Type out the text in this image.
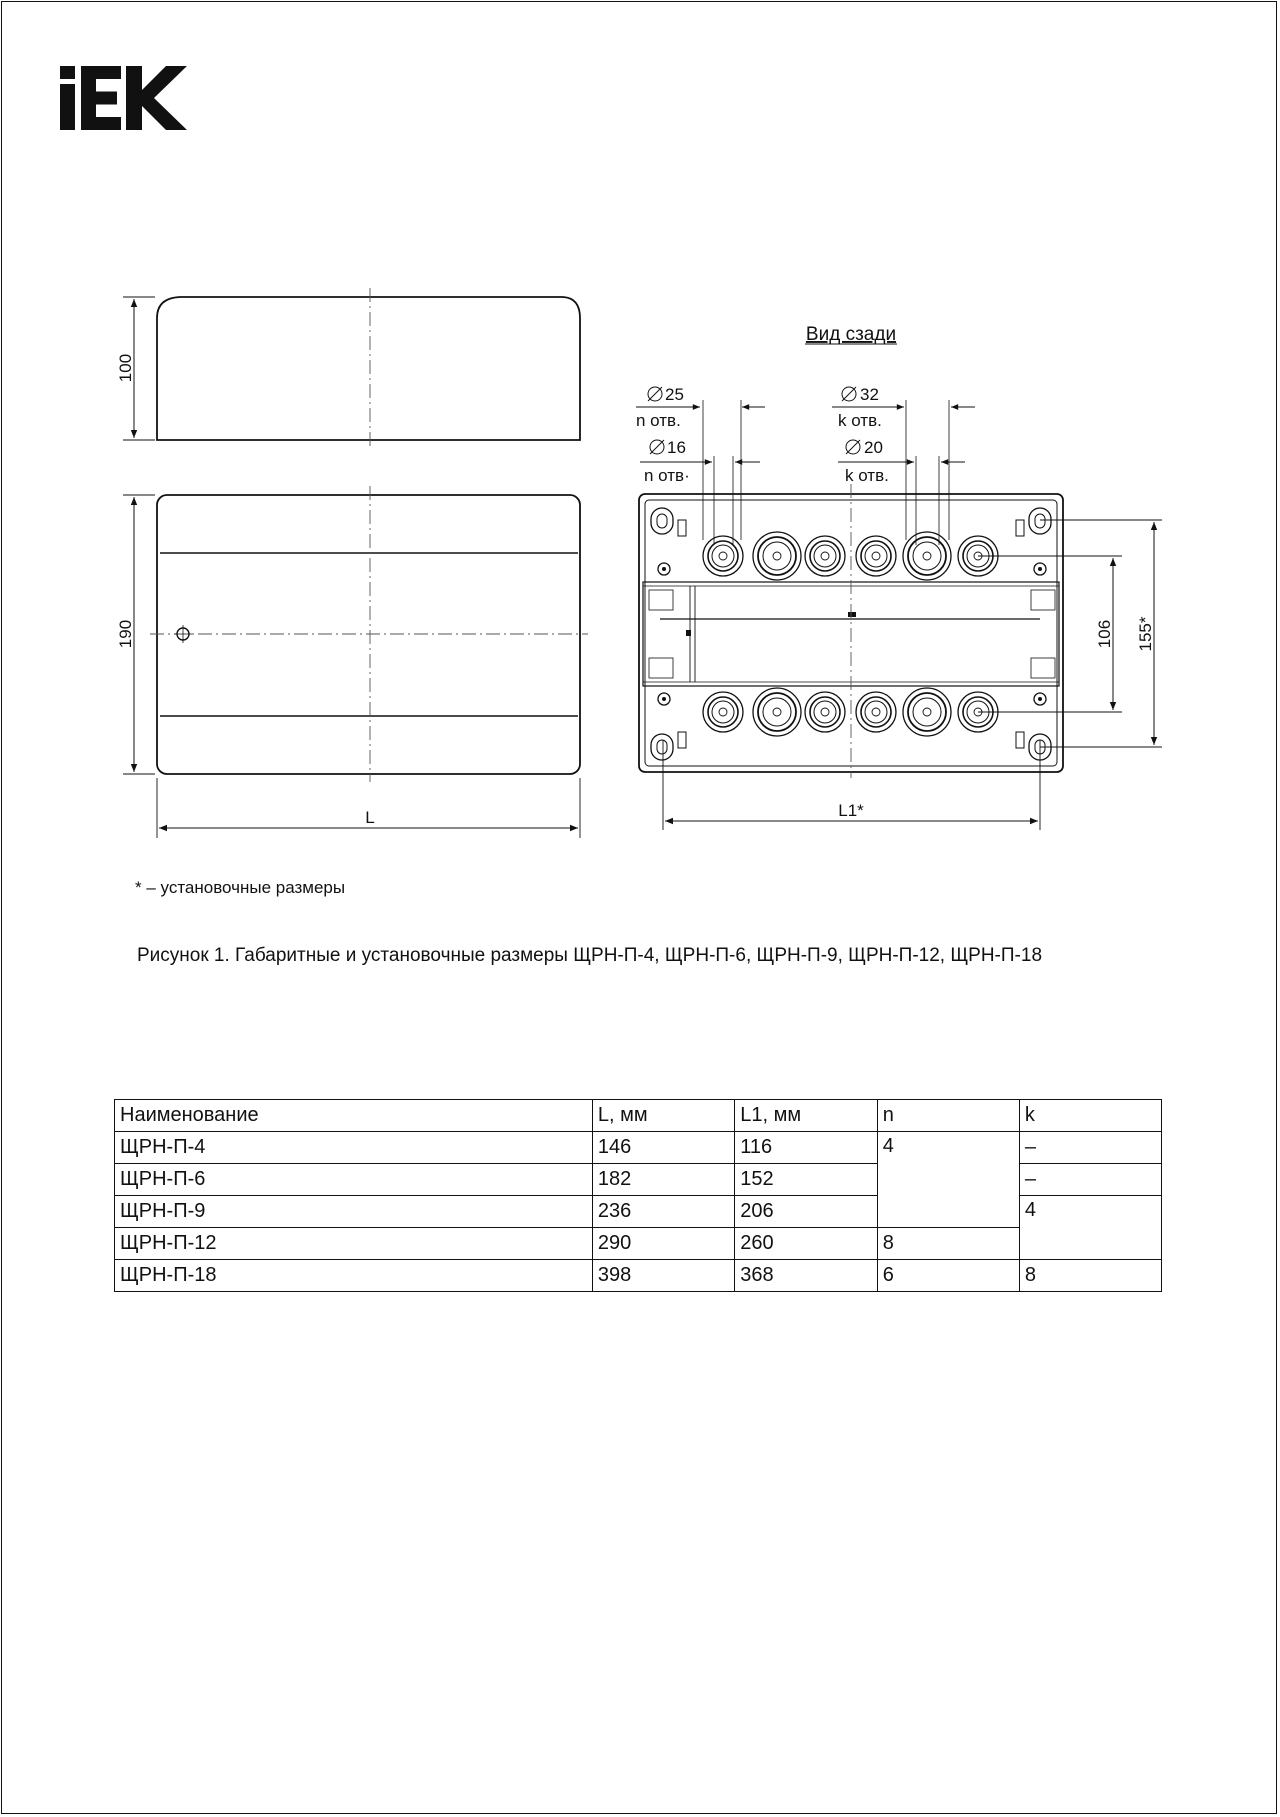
100
190
L
Вид сзади
25
n отв.
16
n отв·
32
k отв.
20
k отв.
L1*
106 155*
* – установочные размеры
Рисунок 1. Габаритные и установочные размеры ЩРН-П-4, ЩРН-П-6, ЩРН-П-9, ЩРН-П-12, ЩРН-П-18
Наименование	L, мм	L1, мм	n	k
ЩРН-П-4	146	116	4	–
ЩРН-П-6	182	152		–
ЩРН-П-9	236	206		4
ЩРН-П-12	290	260	8	
ЩРН-П-18	398	368	6	8
